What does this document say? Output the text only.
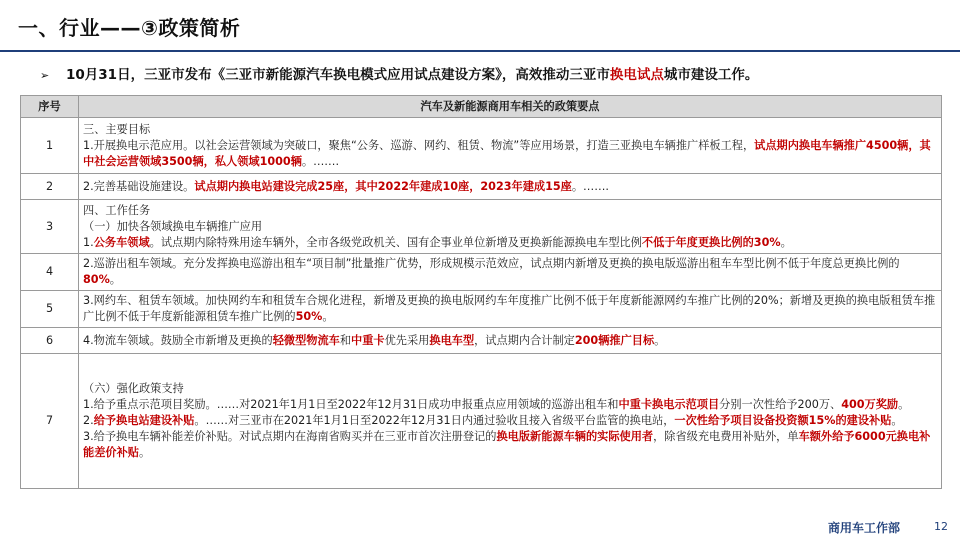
一、行业——③政策简析
➢ 10月31日，三亚市发布《三亚市新能源汽车换电模式应用试点建设方案》，高效推动三亚市换电试点城市建设工作。
序号	汽车及新能源商用车相关的政策要点
1	三、主要目标
1.开展换电示范应用。以社会运营领域为突破口，聚焦“公务、巡游、网约、租赁、物流”等应用场景，打造三亚换电车辆推广样板工程，试点期内换电车辆推广4500辆，其中社会运营领域3500辆，私人领域1000辆。…….
2	2.完善基础设施建设。试点期内换电站建设完成25座，其中2022年建成10座，2023年建成15座。…….
3	四、工作任务
（一）加快各领域换电车辆推广应用
1.公务车领域。试点期内除特殊用途车辆外，全市各级党政机关、国有企事业单位新增及更换新能源换电车型比例不低于年度更换比例的30%。
4	2.巡游出租车领域。充分发挥换电巡游出租车“项目制”批量推广优势，形成规模示范效应，试点期内新增及更换的换电版巡游出租车车型比例不低于年度总更换比例的80%。
5	3.网约车、租赁车领域。加快网约车和租赁车合规化进程，新增及更换的换电版网约车年度推广比例不低于年度新能源网约车推广比例的20%；新增及更换的换电版租赁车推广比例不低于年度新能源租赁车推广比例的50%。
6	4.物流车领域。鼓励全市新增及更换的轻微型物流车和中重卡优先采用换电车型，试点期内合计制定200辆推广目标。
7	（六）强化政策支持
1.给予重点示范项目奖励。……对2021年1月1日至2022年12月31日成功申报重点应用领域的巡游出租车和中重卡换电示范项目分别一次性给予200万、400万奖励。
2.给予换电站建设补贴。……对三亚市在2021年1月1日至2022年12月31日内通过验收且接入省级平台监管的换电站，一次性给予项目设备投资额15%的建设补贴。
3.给予换电车辆补能差价补贴。对试点期内在海南省购买并在三亚市首次注册登记的换电版新能源车辆的实际使用者，除省级充电费用补贴外，单车额外给予6000元换电补能差价补贴。
商用车工作部	12
